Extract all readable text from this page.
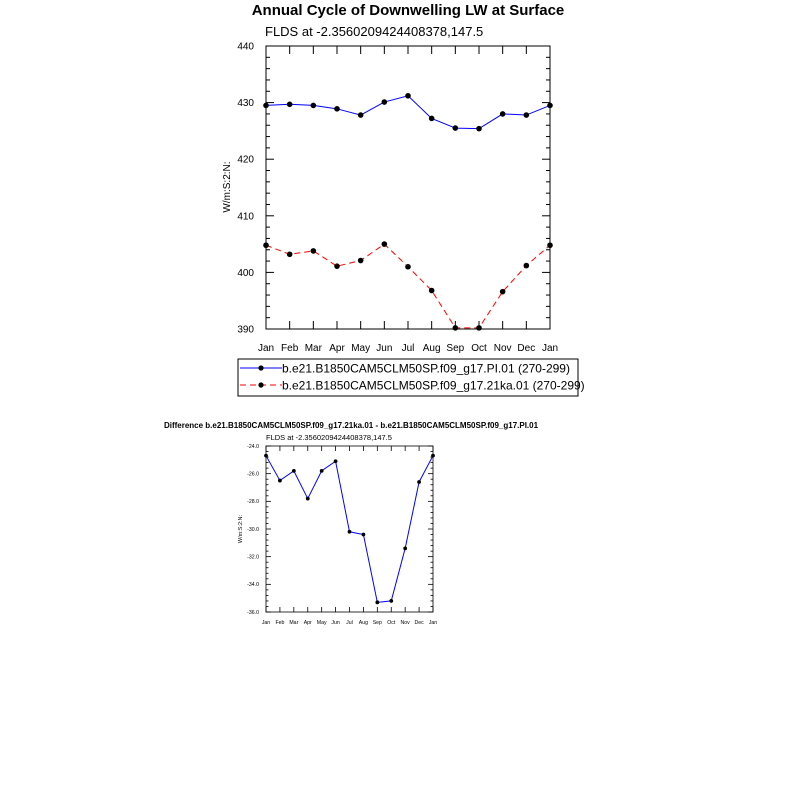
Annual Cycle of Downwelling LW at Surface
FLDS at -2.3560209424408378,147.5
W/m:S:2:N:
390
400
410
420
430
440
Jan Feb Mar Apr May Jun Jul Aug Sep Oct Nov Dec Jan
b.e21.B1850CAM5CLM50SP.f09_g17.PI.01 (270-299)
b.e21.B1850CAM5CLM50SP.f09_g17.21ka.01 (270-299)
Difference b.e21.B1850CAM5CLM50SP.f09_g17.21ka.01 - b.e21.B1850CAM5CLM50SP.f09_g17.PI.01
FLDS at -2.3560209424408378,147.5
W/m:S:2:N:
-36.0
-34.0
-32.0
-30.0
-28.0
-26.0
-24.0
Jan Feb Mar Apr May Jun Jul Aug Sep Oct Nov Dec Jan
